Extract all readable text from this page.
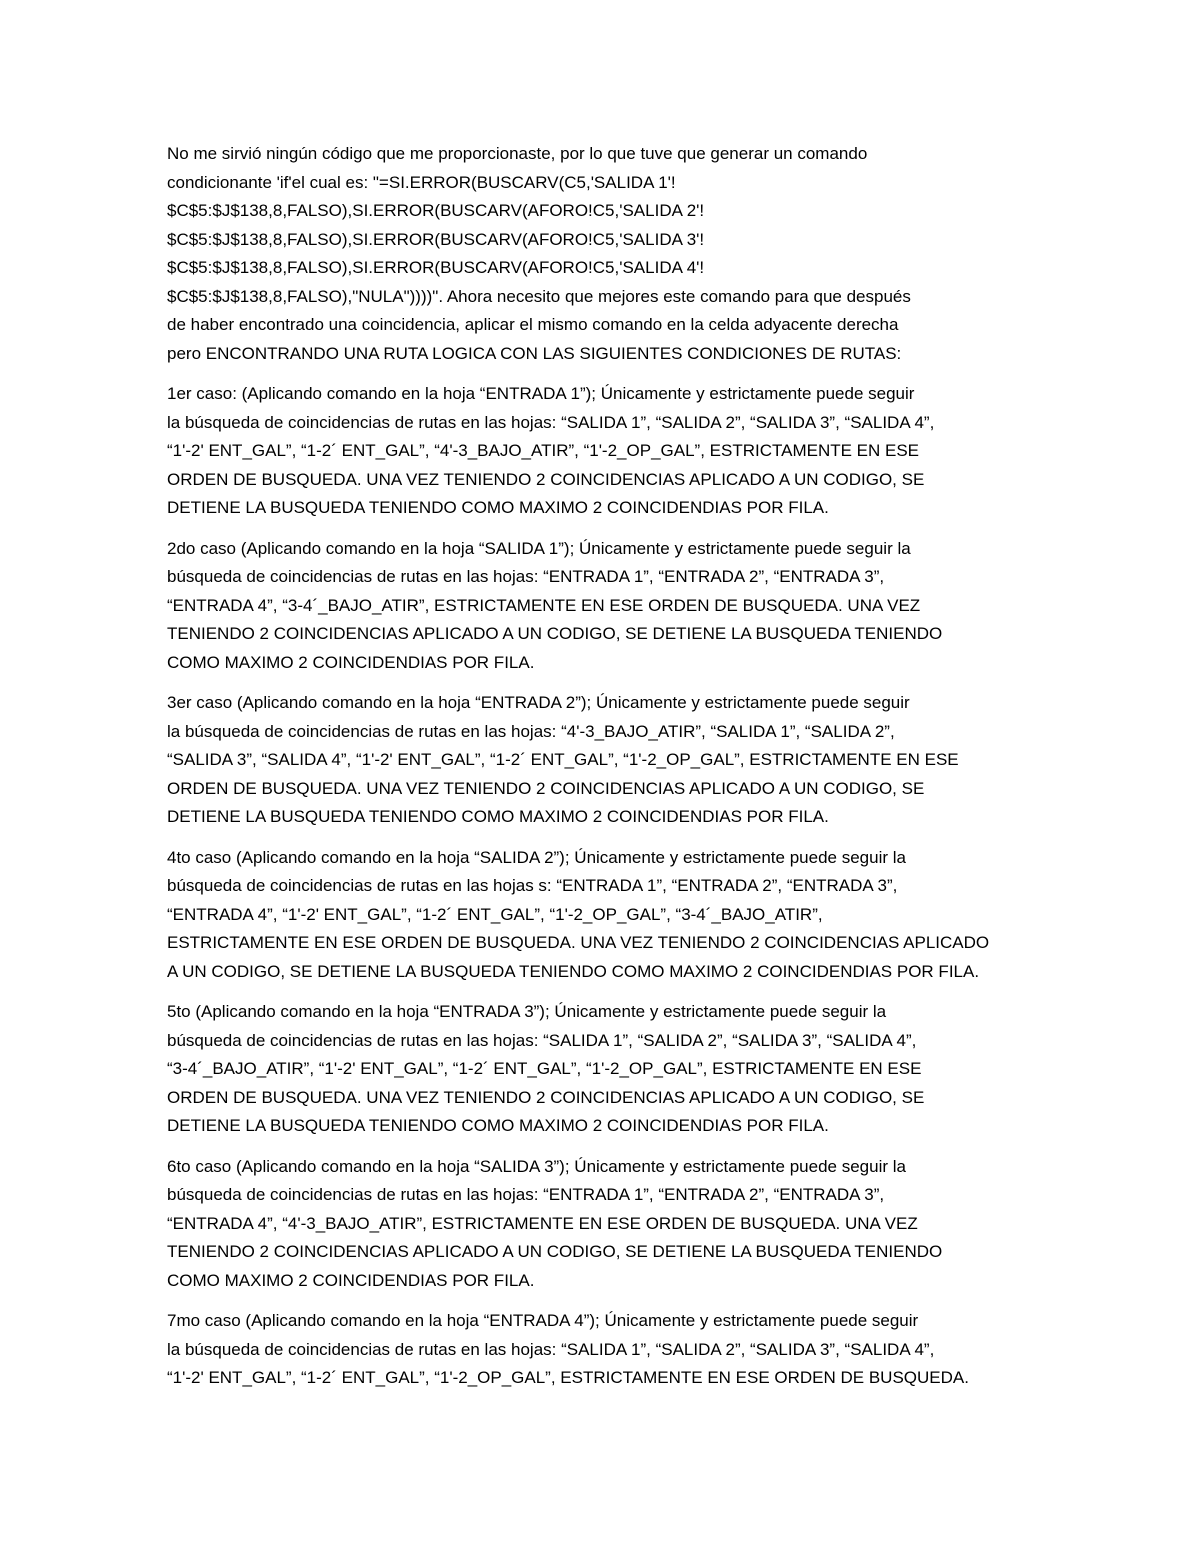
No me sirvió ningún código que me proporcionaste, por lo que tuve que generar un comando
condicionante 'if'el cual es: "=SI.ERROR(BUSCARV(C5,'SALIDA 1'!
$C$5:$J$138,8,FALSO),SI.ERROR(BUSCARV(AFORO!C5,'SALIDA 2'!
$C$5:$J$138,8,FALSO),SI.ERROR(BUSCARV(AFORO!C5,'SALIDA 3'!
$C$5:$J$138,8,FALSO),SI.ERROR(BUSCARV(AFORO!C5,'SALIDA 4'!
$C$5:$J$138,8,FALSO),"NULA"))))". Ahora necesito que mejores este comando para que después
de haber encontrado una coincidencia, aplicar el mismo comando en la celda adyacente derecha
pero ENCONTRANDO UNA RUTA LOGICA CON LAS SIGUIENTES CONDICIONES DE RUTAS:
1er caso: (Aplicando comando en la hoja “ENTRADA 1”); Únicamente y estrictamente puede seguir
la búsqueda de coincidencias de rutas en las hojas: “SALIDA 1”, “SALIDA 2”, “SALIDA 3”, “SALIDA 4”,
“1'-2' ENT_GAL”, “1-2´ ENT_GAL”, “4'-3_BAJO_ATIR”, “1'-2_OP_GAL”, ESTRICTAMENTE EN ESE
ORDEN DE BUSQUEDA. UNA VEZ TENIENDO 2 COINCIDENCIAS APLICADO A UN CODIGO, SE
DETIENE LA BUSQUEDA TENIENDO COMO MAXIMO 2 COINCIDENDIAS POR FILA.
2do caso (Aplicando comando en la hoja “SALIDA 1”); Únicamente y estrictamente puede seguir la
búsqueda de coincidencias de rutas en las hojas: “ENTRADA 1”, “ENTRADA 2”, “ENTRADA 3”,
“ENTRADA 4”, “3-4´_BAJO_ATIR”, ESTRICTAMENTE EN ESE ORDEN DE BUSQUEDA. UNA VEZ
TENIENDO 2 COINCIDENCIAS APLICADO A UN CODIGO, SE DETIENE LA BUSQUEDA TENIENDO
COMO MAXIMO 2 COINCIDENDIAS POR FILA.
3er caso (Aplicando comando en la hoja “ENTRADA 2”); Únicamente y estrictamente puede seguir
la búsqueda de coincidencias de rutas en las hojas: “4'-3_BAJO_ATIR”, “SALIDA 1”, “SALIDA 2”,
“SALIDA 3”, “SALIDA 4”, “1'-2' ENT_GAL”, “1-2´ ENT_GAL”, “1'-2_OP_GAL”, ESTRICTAMENTE EN ESE
ORDEN DE BUSQUEDA. UNA VEZ TENIENDO 2 COINCIDENCIAS APLICADO A UN CODIGO, SE
DETIENE LA BUSQUEDA TENIENDO COMO MAXIMO 2 COINCIDENDIAS POR FILA.
4to caso (Aplicando comando en la hoja “SALIDA 2”); Únicamente y estrictamente puede seguir la
búsqueda de coincidencias de rutas en las hojas s: “ENTRADA 1”, “ENTRADA 2”, “ENTRADA 3”,
“ENTRADA 4”, “1'-2' ENT_GAL”, “1-2´ ENT_GAL”, “1'-2_OP_GAL”, “3-4´_BAJO_ATIR”,
ESTRICTAMENTE EN ESE ORDEN DE BUSQUEDA. UNA VEZ TENIENDO 2 COINCIDENCIAS APLICADO
A UN CODIGO, SE DETIENE LA BUSQUEDA TENIENDO COMO MAXIMO 2 COINCIDENDIAS POR FILA.
5to (Aplicando comando en la hoja “ENTRADA 3”); Únicamente y estrictamente puede seguir la
búsqueda de coincidencias de rutas en las hojas: “SALIDA 1”, “SALIDA 2”, “SALIDA 3”, “SALIDA 4”,
“3-4´_BAJO_ATIR”, “1'-2' ENT_GAL”, “1-2´ ENT_GAL”, “1'-2_OP_GAL”, ESTRICTAMENTE EN ESE
ORDEN DE BUSQUEDA. UNA VEZ TENIENDO 2 COINCIDENCIAS APLICADO A UN CODIGO, SE
DETIENE LA BUSQUEDA TENIENDO COMO MAXIMO 2 COINCIDENDIAS POR FILA.
6to caso (Aplicando comando en la hoja “SALIDA 3”); Únicamente y estrictamente puede seguir la
búsqueda de coincidencias de rutas en las hojas: “ENTRADA 1”, “ENTRADA 2”, “ENTRADA 3”,
“ENTRADA 4”, “4'-3_BAJO_ATIR”, ESTRICTAMENTE EN ESE ORDEN DE BUSQUEDA. UNA VEZ
TENIENDO 2 COINCIDENCIAS APLICADO A UN CODIGO, SE DETIENE LA BUSQUEDA TENIENDO
COMO MAXIMO 2 COINCIDENDIAS POR FILA.
7mo caso (Aplicando comando en la hoja “ENTRADA 4”); Únicamente y estrictamente puede seguir
la búsqueda de coincidencias de rutas en las hojas: “SALIDA 1”, “SALIDA 2”, “SALIDA 3”, “SALIDA 4”,
“1'-2' ENT_GAL”, “1-2´ ENT_GAL”, “1'-2_OP_GAL”, ESTRICTAMENTE EN ESE ORDEN DE BUSQUEDA.
